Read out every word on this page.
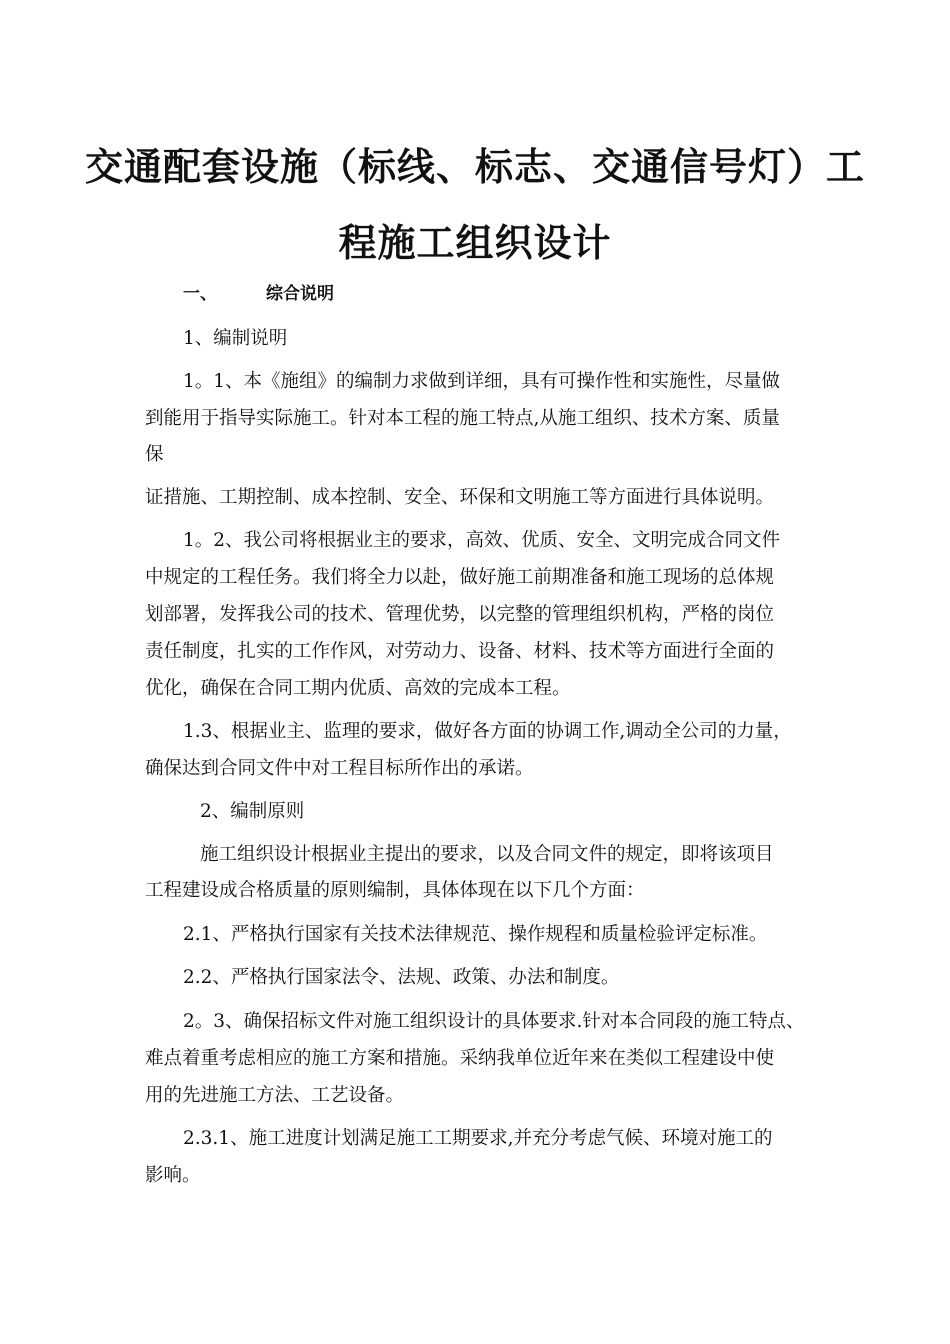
交通配套设施（标线、标志、交通信号灯）工
程施工组织设计
一、	综合说明
1、编制说明
1。1、本《施组》的编制力求做到详细，具有可操作性和实施性，尽量做
到能用于指导实际施工。针对本工程的施工特点,从施工组织、技术方案、质量
保
证措施、工期控制、成本控制、安全、环保和文明施工等方面进行具体说明。
1。2、我公司将根据业主的要求，高效、优质、安全、文明完成合同文件
中规定的工程任务。我们将全力以赴，做好施工前期准备和施工现场的总体规
划部署，发挥我公司的技术、管理优势，以完整的管理组织机构，严格的岗位
责任制度，扎实的工作作风，对劳动力、设备、材料、技术等方面进行全面的
优化，确保在合同工期内优质、高效的完成本工程。
1.3、根据业主、监理的要求，做好各方面的协调工作,调动全公司的力量，
确保达到合同文件中对工程目标所作出的承诺。
2、编制原则
施工组织设计根据业主提出的要求，以及合同文件的规定，即将该项目
工程建设成合格质量的原则编制，具体体现在以下几个方面：
2.1、严格执行国家有关技术法律规范、操作规程和质量检验评定标准。
2.2、严格执行国家法令、法规、政策、办法和制度。
2。3、确保招标文件对施工组织设计的具体要求.针对本合同段的施工特点、
难点着重考虑相应的施工方案和措施。采纳我单位近年来在类似工程建设中使
用的先进施工方法、工艺设备。
2.3.1、施工进度计划满足施工工期要求,并充分考虑气候、环境对施工的
影响。
